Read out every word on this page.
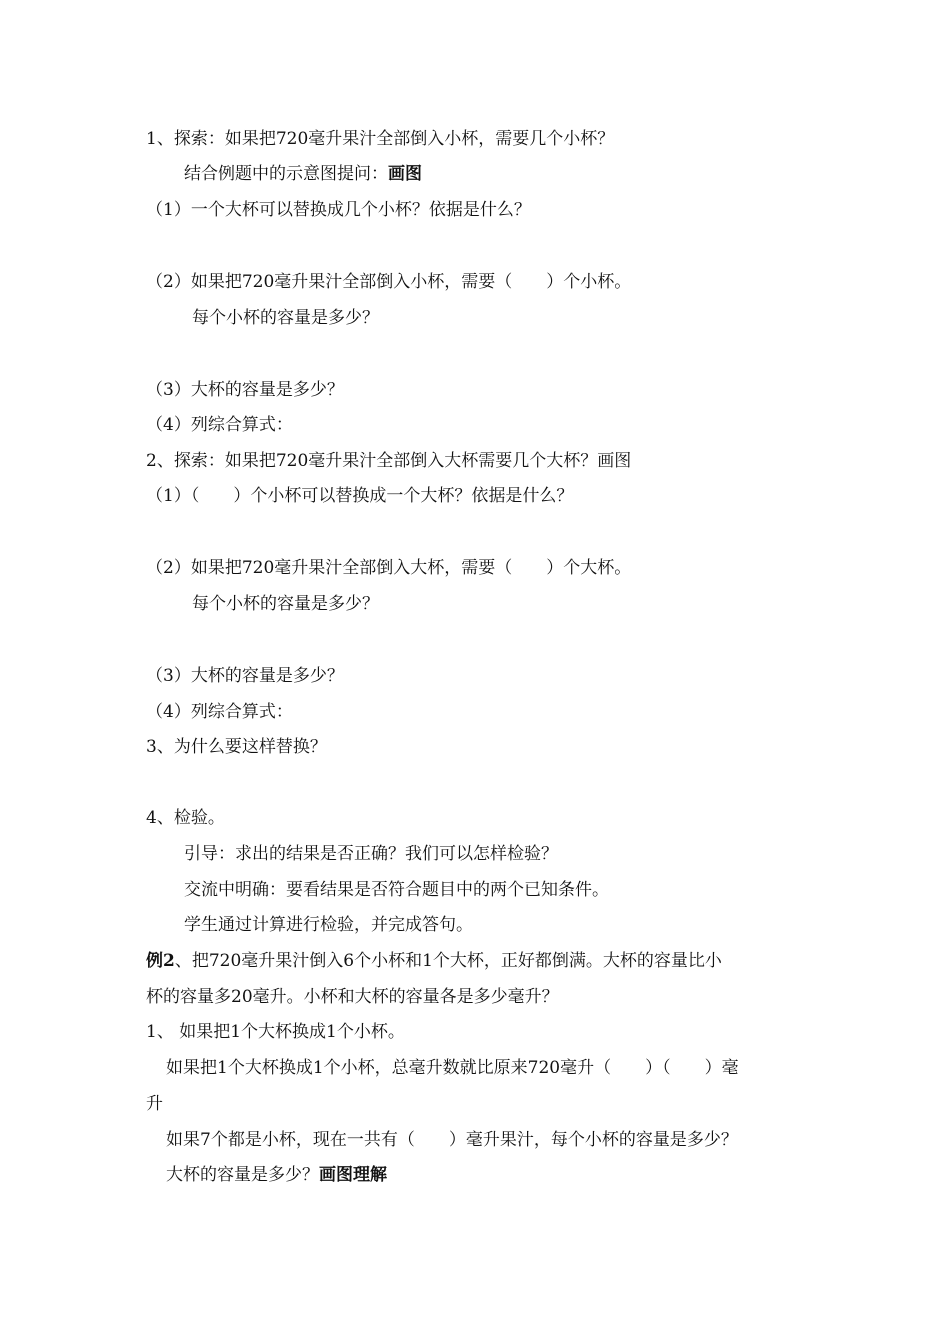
1、探索：如果把720毫升果汁全部倒入小杯，需要几个小杯？
结合例题中的示意图提问：画图
（1）一个大杯可以替换成几个小杯？依据是什么？
（2）如果把720毫升果汁全部倒入小杯，需要（　　）个小杯。
每个小杯的容量是多少？
（3）大杯的容量是多少？
（4）列综合算式：
2、探索：如果把720毫升果汁全部倒入大杯需要几个大杯？画图
（1）（　　）个小杯可以替换成一个大杯？依据是什么？
（2）如果把720毫升果汁全部倒入大杯，需要（　　）个大杯。
每个小杯的容量是多少？
（3）大杯的容量是多少？
（4）列综合算式：
3、为什么要这样替换？
4、检验。
引导：求出的结果是否正确？我们可以怎样检验？
交流中明确：要看结果是否符合题目中的两个已知条件。
学生通过计算进行检验，并完成答句。
例2、把720毫升果汁倒入6个小杯和1个大杯，正好都倒满。大杯的容量比小
杯的容量多20毫升。小杯和大杯的容量各是多少毫升？
1、 如果把1个大杯换成1个小杯。
如果把1个大杯换成1个小杯，总毫升数就比原来720毫升（　　）（　　）毫
升
如果7个都是小杯，现在一共有（　　）毫升果汁，每个小杯的容量是多少？
大杯的容量是多少？画图理解
